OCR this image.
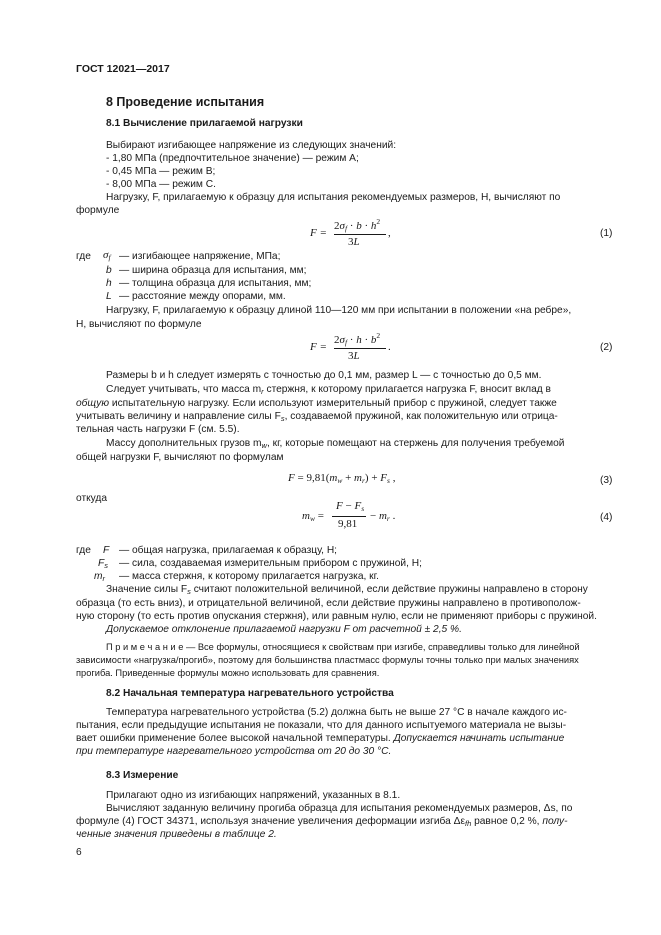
ГОСТ 12021—2017
8 Проведение испытания
8.1 Вычисление прилагаемой нагрузки
Выбирают изгибающее напряжение из следующих значений:
- 1,80 МПа (предпочтительное значение) — режим А;
- 0,45 МПа — режим В;
- 8,00 МПа — режим С.
Нагрузку, F, прилагаемую к образцу для испытания рекомендуемых размеров, Н, вычисляют по
формуле
F =
$2\sigma_f \cdot b \cdot h^2$
3L
,	(1)
где $\sigma_f$ — изгибающее напряжение, МПа;
b — ширина образца для испытания, мм;
h — толщина образца для испытания, мм;
L — расстояние между опорами, мм.
Нагрузку, F, прилагаемую к образцу длиной 110—120 мм при испытании в положении «на ребре»,
Н, вычисляют по формуле
F =
$2\sigma_f \cdot h \cdot b^2$
3L
.	(2)
Размеры b и h следует измерять с точностью до 0,1 мм, размер L — с точностью до 0,5 мм.
Следует учитывать, что масса $m_r$ стержня, к которому прилагается нагрузка F, вносит вклад в
общую испытательную нагрузку. Если используют измерительный прибор с пружиной, следует также
учитывать величину и направление силы $F_s$, создаваемой пружиной, как положительную или отрица-
тельная часть нагрузки F (см. 5.5).
Массу дополнительных грузов $m_w$, кг, которые помещают на стержень для получения требуемой
общей нагрузки F, вычисляют по формулам
$F = 9,81(m_w + m_r) + F_s$ ,	(3)
откуда
$m_w$ =
$F - F_s$
9,81
− $m_r$ .	(4)
где F — общая нагрузка, прилагаемая к образцу, Н;
$F_s$ — сила, создаваемая измерительным прибором с пружиной, Н;
$m_r$ — масса стержня, к которому прилагается нагрузка, кг.
Значение силы $F_s$ считают положительной величиной, если действие пружины направлено в сторону
образца (то есть вниз), и отрицательной величиной, если действие пружины направлено в противополож-
ную сторону (то есть против опускания стержня), или равным нулю, если не применяют приборы с пружиной.
Допускаемое отклонение прилагаемой нагрузки F от расчетной ± 2,5 %.
П р и м е ч а н и е — Все формулы, относящиеся к свойствам при изгибе, справедливы только для линейной
зависимости «нагрузка/прогиб», поэтому для большинства пластмасс формулы точны только при малых значениях
прогиба. Приведенные формулы можно использовать для сравнения.
8.2 Начальная температура нагревательного устройства
Температура нагревательного устройства (5.2) должна быть не выше 27 °С в начале каждого ис-
пытания, если предыдущие испытания не показали, что для данного испытуемого материала не вызы-
вает ошибки применение более высокой начальной температуры. Допускается начинать испытание
при температуре нагревательного устройства от 20 до 30 °С.
8.3 Измерение
Прилагают одно из изгибающих напряжений, указанных в 8.1.
Вычисляют заданную величину прогиба образца для испытания рекомендуемых размеров, Δs, по
формуле (4) ГОСТ 34371, используя значение увеличения деформации изгиба $\Delta\varepsilon_{fh}$ равное 0,2 %, полу-
ченные значения приведены в таблице 2.
6
